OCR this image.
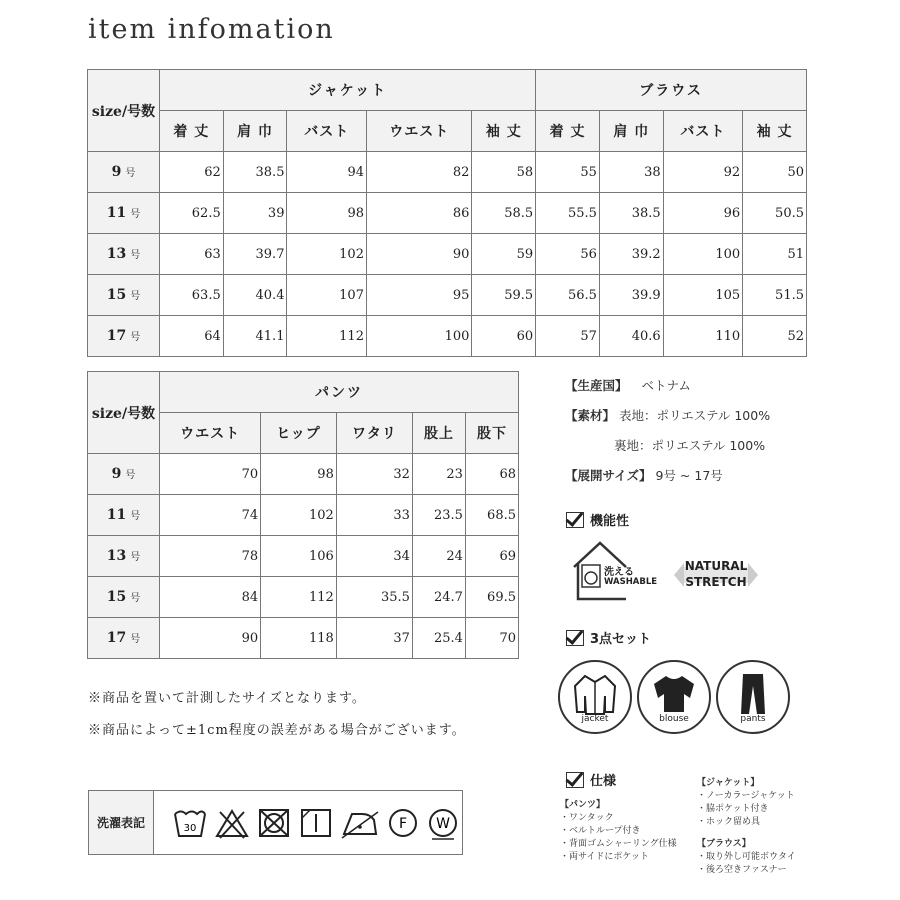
item infomation
size/号数	ジャケット					ブラウス			
	着 丈	肩 巾	バスト	ウエスト	袖 丈	着 丈	肩 巾	バスト	袖 丈
9 号	62	38.5	94	82	58	55	38	92	50
11 号	62.5	39	98	86	58.5	55.5	38.5	96	50.5
13 号	63	39.7	102	90	59	56	39.2	100	51
15 号	63.5	40.4	107	95	59.5	56.5	39.9	105	51.5
17 号	64	41.1	112	100	60	57	40.6	110	52
size/号数	パンツ				
	ウエスト	ヒップ	ワタリ	股上	股下
9 号	70	98	32	23	68
11 号	74	102	33	23.5	68.5
13 号	78	106	34	24	69
15 号	84	112	35.5	24.7	69.5
17 号	90	118	37	25.4	70
※商品を置いて計測したサイズとなります。
※商品によって±1cm程度の誤差がある場合がございます。
【生産国】 ベトナム
【素材】 表地：ポリエステル 100%
裏地：ポリエステル 100%
【展開サイズ】 9号 ~ 17号
機能性
洗える
WASHABLE
NATURAL
STRETCH
3点セット
jacket	blouse	pants
仕様
【パンツ】
・ワンタック
・ベルトループ付き
・背面ゴムシャーリング仕様
・両サイドにポケット
【ジャケット】
・ノーカラージャケット
・脇ポケット付き
・ホック留め具
【ブラウス】
・取り外し可能ボウタイ
・後ろ空きファスナー
洗濯表記	30	F W
